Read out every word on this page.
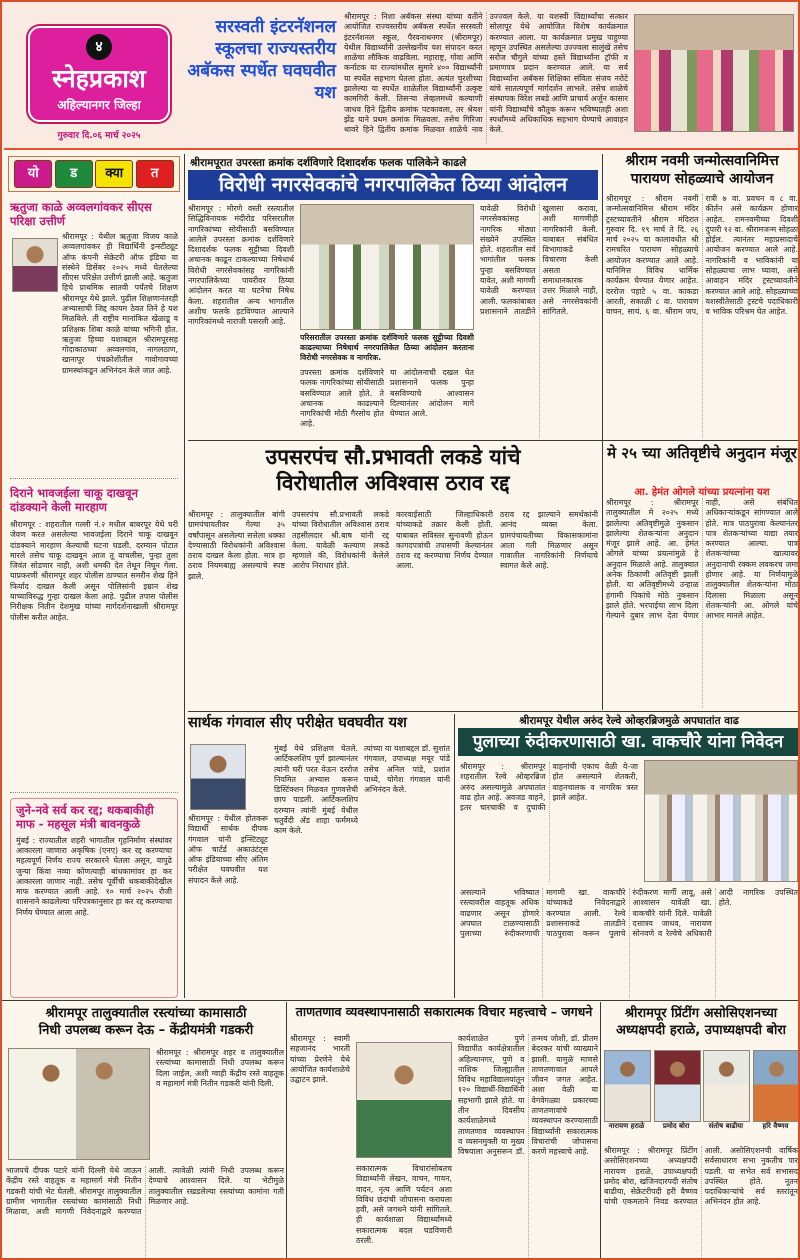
४
स्नेहप्रकाश
अहिल्यानगर जिल्हा
गुरुवार दि.०६ मार्च २०२५
सरस्वती इंटरनॅशनल स्कूलचा राज्यस्तरीय अबॅकस स्पर्धेत घवघवीत यश
श्रीरामपूर : निशा अबॅकस संस्था यांच्या वतीने आयोजित राज्यस्तरीय अबॅकस स्पर्धेत सरस्वती इंटरनॅशनल स्कूल, पैरवनाथनगर (श्रीरामपूर) येथील विद्यार्थ्यांनी उल्लेखनीय यश संपादन करत शाळेचा लौकिक वाढविला. महाराष्ट्र, गोवा आणि कर्नाटक या राज्यांमधील सुमारे ४०० विद्यार्थ्यांनी या स्पर्धेत सहभाग घेतला होता. अत्यंत चुरशीच्या झालेल्या या स्पर्धेत शाळेतील विद्यार्थ्यांनी उत्कृष्ट कामगिरी केली. तिसऱ्या लेव्हलमध्ये कल्याणी जाधव हिने द्वितीय क्रमांक पटकावला, तर श्रेयश झेंड याने प्रथम क्रमांक मिळवला. तसेच गिरिजा थावरे हिने द्वितीय क्रमांक मिळवत शाळेचे नाव उज्ज्वल केले. या यशस्वी विद्यार्थ्यांचा सत्कार सोलापूर येथे आयोजित विशेष कार्यक्रमात करण्यात आला. या कार्यक्रमात प्रमुख पाहुण्या म्हणून उपस्थित असलेल्या उज्ज्वला सालुंखे तसेच सरोज चौगुले यांच्या हस्ते विद्यार्थ्यांना ट्रॉफी व प्रमाणपत्र प्रदान करण्यात आले. या सर्व विद्यार्थ्यांना अबॅकस शिक्षिका संविता संजय नरोटे यांचे सातत्यपूर्ण मार्गदर्शन लाभले. तसेच शाळेचे संस्थापक विरेश लबडे आणि प्राचार्य अर्जुन कासार यांनी विद्यार्थ्यांचे कौतुक करून भविष्यातही अशा स्पर्धांमध्ये अधिकाधिक सहभाग घेण्याचे आवाहन केले.
यो	ड	क्या	त
ऋतुजा काळे अव्वलगांवकर सीएस परिक्षा उत्तीर्ण
श्रीरामपूर : येथील ऋतुजा विजय काळे अव्वलगांवकर ही विद्यार्थिनी इन्स्टीट्यूट ऑफ कंपनी सेक्रेटरी ऑफ इंडिया या संस्थेने डिसेंबर २०२५ मध्ये घेतलेल्या सीएस परिक्षेत उत्तीर्ण झाली आहे. ऋतुजा हिचे प्राथमिक सातवी पर्यंतचे शिक्षण श्रीरामपूर येथे झाले. पुढील शिक्षणानंतरही अभ्यासाची जिद्द कायम ठेवत तिने हे यश मिळविले. ती राष्ट्रीय मानांकित खेळाडू व प्रशिक्षक शिबा काळे यांच्या भगिनी होत. ऋतुजा हिच्या यशाबद्दल श्रीरामपूरसह गोदाकाठच्या अव्वलगांव, नागलठाण, खानापूर पंचक्रोशीतील गावोगावच्या ग्रामस्थांकडून अभिनंदन केले जात आहे.
दिराने भावजईला चाकू दाखवून दांडक्याने केली मारहाण
श्रीरामपूर : शहरातील गल्ली नं.२ मधील बाबरपूर येथे घरी जेवण करत असलेल्या भावजईला दिराने चाकू दाखवून दांडक्याने मारहाण केल्याची घटना घडली. दरम्यान पोटात मारले तसेच चाकू दाखवून आज तू वाचलीस, पुन्हा तुला जिवंत सोडणार नाही, अशी धमकी देत तेथून निघून गेला. याप्रकरणी श्रीरामपूर शहर पोलीस ठाण्यात समरीन शेख हिने फिर्याद दाखल केली असून पोलिसांनी इम्रान शेख याच्याविरुद्ध गुन्हा दाखल केला आहे. पुढील तपास पोलीस निरीक्षक नितीन देशमुख यांच्या मार्गदर्शनाखाली श्रीरामपूर पोलीस करीत आहेत.
जुने-नवे सर्व कर रद्द; थकबाकीही माफ - महसूल मंत्री बावनकुळे
मुंबई : राज्यातील शहरी भागातील गृहनिर्माण संस्थांवर आकारला जाणारा अकृषिक (एनए) कर रद्द करण्याचा महत्वपूर्ण निर्णय राज्य सरकारने घेतला असून, यापुढे जुन्या किंवा नव्या कोणत्याही बांधकामांवर हा कर आकारला जाणार नाही. तसेच पूर्वीची थकबाकीदेखील माफ करण्यात आली आहे. १० मार्च २०२५ रोजी शासनाने काढलेल्या परिपत्रकानुसार हा कर रद्द करण्याचा निर्णय घेण्यात आला आहे.
श्रीरामपूरात उपरस्ता क्रमांक दर्शविणारे दिशादर्शक फलक पालिकेने काढले
विरोधी नगरसेवकांचे नगरपालिकेत ठिय्या आंदोलन
श्रीरामपूर : मोरणे वस्ती रस्त्यातील सिद्धिविनायक मंदीरोड परिसरातील नागरिकांच्या सोयीसाठी बसविण्यात आलेले उपरस्ता क्रमांक दर्शविणारे दिशादर्शक फलक सुट्टीच्या दिवशी अचानक काढून टाकल्याच्या निषेधार्थ विरोधी नगरसेवकांसह नागरिकांनी नगरपालिकेच्या पायरीवर ठिय्या आंदोलन करत या घटनेचा निषेध केला. शहरातील अन्य भागातील अशीच फलके हटविण्यात आल्याने नागरिकांमध्ये नाराजी पसरली आहे.
परिसरातील उपरस्ता क्रमांक दर्शविणारे फलक सुट्टीच्या दिवशी काढल्याच्या निषेधार्थ नगरपालिकेत ठिय्या आंदोलन करताना विरोधी नगरसेवक व नागरिक.
उपरस्ता क्रमांक दर्शविणारे फलक नागरिकांच्या सोयीसाठी बसविण्यात आले होते. ते अचानक काढल्याने नागरिकांची मोठी गैरसोय होत आहे.
या आंदोलनाची दखल घेत प्रशासनाने फलक पुन्हा बसविण्याचे आश्वासन दिल्यानंतर आंदोलन मागे घेण्यात आले.
यावेळी विरोधी नगरसेवकांसह नागरिक मोठ्या संख्येने उपस्थित होते. शहरातील सर्व भागांतील फलक पुन्हा बसविण्यात यावेत, अशी मागणी यावेळी करण्यात आली. फलकांबाबत प्रशासनाने तातडीने खुलासा करावा, अशी मागणीही नागरिकांनी केली. याबाबत संबंधित विभागाकडे विचारणा केली असता समाधानकारक उत्तर मिळाले नाही, असे नगरसेवकांनी सांगितले.
श्रीराम नवमी जन्मोत्सवानिमित्त पारायण सोहळ्याचे आयोजन
श्रीरामपूर : श्रीराम नवमी जन्मोत्सवानिमित्त श्रीराम मंदिर ट्रस्टच्यावतीने श्रीराम मंदिरात गुरुवार दि. १९ मार्च ते दि. २६ मार्च २०२५ या कालावधीत श्री रामचरित पारायण सोहळ्याचे आयोजन करण्यात आले आहे. यानिमित्त विविध धार्मिक कार्यक्रम घेण्यात येणार आहेत. दररोज पहाटे ५ वा. काकडा आरती, सकाळी ८ वा. पारायण वाचन, सायं. ६ वा. श्रीराम जप, रात्री ७ वा. प्रवचन व ८ वा. कीर्तन असे कार्यक्रम होणार आहेत. रामनवमीच्या दिवशी दुपारी १२ वा. श्रीरामजन्म सोहळा होईल. त्यानंतर महाप्रसादाचे आयोजन करण्यात आले आहे. नागरिकांनी व भाविकांनी या सोहळ्याचा लाभ घ्यावा, असे आवाहन मंदिर ट्रस्टच्यावतीने करण्यात आले आहे. सोहळ्याच्या यशस्वीतेसाठी ट्रस्टचे पदाधिकारी व भाविक परिश्रम घेत आहेत.
उपसरपंच सौ.प्रभावती लकडे यांचे
विरोधातील अविश्वास ठराव रद्द
श्रीरामपूर : तालुक्यातील बांगी ग्रामपंचायतीवर गेल्या ३५ वर्षांपासून असलेल्या सत्तेला धक्का देण्यासाठी विरोधकांनी अविश्वास ठराव दाखल केला होता. मात्र हा ठराव नियमबाह्य असल्याचे स्पष्ट झाले.
उपसरपंच सौ.प्रभावती लकडे यांच्या विरोधातील अविश्वास ठराव तहसीलदार श्री.बाष यांनी रद्द केला. यावेळी कल्याण लकडे म्हणाले की, विरोधकांनी केलेले आरोप निराधार होते.
कारवाईसाठी जिल्हाधिकारी यांच्याकडे तक्रार केली होती. याबाबत सविस्तर सुनावणी होऊन कागदपत्रांची तपासणी केल्यानंतर ठराव रद्द करण्याचा निर्णय देण्यात आला.
ठराव रद्द झाल्याने समर्थकांनी आनंद व्यक्त केला. ग्रामपंचायतीच्या विकासकामांना आता गती मिळणार असून गावातील नागरिकांनी निर्णयाचे स्वागत केले आहे.
मे २५ च्या अतिवृष्टीचे अनुदान मंजूर
आ. हेमंत ओगले यांच्या प्रयत्नांना यश
श्रीरामपूर : श्रीरामपूर तालुक्यातील मे २०२५ मध्ये झालेल्या अतिवृष्टीमुळे नुकसान झालेल्या शेतकऱ्यांना अनुदान मंजूर झाले आहे. आ. हेमंत ओगले यांच्या प्रयत्नांमुळे हे अनुदान मिळाले आहे. तालुक्यात अनेक ठिकाणी अतिवृष्टी झाली होती. या अतिवृष्टीमध्ये उन्हाळ हंगामी पिकांचे मोठे नुकसान झाले होते. भरपाईचा लाभ दिला गेल्याने दुबार लाभ देता येणार नाही, असे संबंधित अधिकाऱ्यांकडून सांगण्यात आले होते. मात्र पाठपुरावा केल्यानंतर पात्र शेतकऱ्यांच्या याद्या तयार करण्यात आल्या. पात्र शेतकऱ्यांच्या खात्यावर अनुदानाची रक्कम लवकरच जमा होणार आहे. या निर्णयामुळे तालुक्यातील शेतकऱ्यांना मोठा दिलासा मिळाला असून शेतकऱ्यांनी आ. ओगले यांचे आभार मानले आहेत.
सार्थक गंगवाल सीए परीक्षेत घवघवीत यश
श्रीरामपूर : येथील होतकरू विद्यार्थी सार्थक दीपक गंगवाल यांनी इन्स्टिट्यूट ऑफ चार्टर्ड अकाउंटंट्स ऑफ इंडियाच्या सीए अंतिम परीक्षेत घवघवीत यश संपादन केले आहे.
मुंबई येथे प्रशिक्षण घेतले. आर्टिकलशिप पूर्ण झाल्यानंतर त्यांनी घरी परत येऊन दररोज नियमित अभ्यास करून डिस्टिंक्शन मिळवत गुणवत्तेची छाप पाडली. आर्टिकलशिप दरम्यान त्यांनी मुंबई येथील चतुर्वेदी अँड शाहा फर्ममध्ये काम केले.
त्यांच्या या यशाबद्दल डॉ. सुशांत गंगवाल, उपाध्यक्ष मयूर पांडे तसेच अनिल पांडे, प्रशांत पाध्ये, योगेश गंगवाल यांनी अभिनंदन केले.
श्रीरामपूर येथील अरुंद रेल्वे ओव्हरब्रिजमुळे अपघातांत वाढ
पुलाच्या रुंदीकरणासाठी खा. वाकचौरे यांना निवेदन
श्रीरामपूर : श्रीरामपूर शहरातील रेल्वे ओव्हरब्रिज अरुंद असल्यामुळे अपघातांत वाढ होत आहे. अवजड वाहने, इतर चारचाकी व दुचाकी वाहनांची एकाच वेळी ये-जा होत असल्याने शेतकरी, वाहनचालक व नागरिक त्रस्त झाले आहेत.
असल्याने भविष्यात रस्त्यावरील वाहतूक अधिक वाढणार असून होणारे अपघात टाळण्यासाठी पुलाच्या रुंदीकरणाची मागणी खा. वाकचौरे यांच्याकडे निवेदनाद्वारे करण्यात आली. रेल्वे प्रशासनाकडे तातडीने पाठपुरावा करून पुलाचे रुंदीकरण मार्गी लावू, असे आश्वासन यावेळी खा. वाकचौरे यांनी दिले. यावेळी दत्तात्रय जाधव, नारायण सोनवणे व रेल्वेचे अधिकारी आदी नागरिक उपस्थित होते.
श्रीरामपूर तालुक्यातील रस्त्यांच्या कामासाठी
निधी उपलब्ध करून देऊ – केंद्रीयमंत्री गडकरी
श्रीरामपूर : श्रीरामपूर शहर व तालुक्यातील रस्त्यांच्या कामासाठी निधी उपलब्ध करून दिला जाईल, अशी ग्वाही केंद्रीय रस्ते वाहतूक व महामार्ग मंत्री नितीन गडकरी यांनी दिली.
भाजपचे दीपक पटारे यांनी दिल्ली येथे जाऊन केंद्रीय रस्ते वाहतूक व महामार्ग मंत्री नितीन गडकरी यांची भेट घेतली. श्रीरामपूर तालुक्यातील ग्रामीण भागातील रस्त्यांच्या कामांसाठी निधी मिळावा, अशी मागणी निवेदनाद्वारे करण्यात आली. त्यावेळी त्यांनी निधी उपलब्ध करून देण्याचे आश्वासन दिले. या भेटीमुळे तालुक्यातील रखडलेल्या रस्त्यांच्या कामांना गती मिळणार आहे.
ताणतणाव व्यवस्थापनासाठी सकारात्मक विचार महत्त्वाचे – जगधने
श्रीरामपूर : स्वामी सहजानंद भारती यांच्या प्रेरणेने येथे आयोजित कार्यशाळेचे उद्घाटन झाले.
सकारात्मक विचारांसोबतच विद्यार्थ्यांनी लेखन, वाचन, गायन, वादन, नृत्य आणि पर्यटन अशा विविध छंदांची जोपासना करायला हवी, असे जगधने यांनी सांगितले. ही कार्यशाळा विद्यार्थ्यांमध्ये सकारात्मक बदल घडविणारी ठरली.
कार्यशाळेत पुणे विद्यापीठ कार्यक्षेत्रातील अहिल्यानगर, पुणे व नाशिक जिल्ह्यातील विविध महाविद्यालयांतून १२० विद्यार्थी-विद्यार्थिनी सहभागी झाले होते. या तीन दिवसीय कार्यशाळेमध्ये ताणतणाव व्यवस्थापन व व्यसनमुक्ती या मुख्य विषयाला अनुसरून डॉ. तन्मय जोशी, डॉ. प्रीतम बेदरकर यांची व्याख्याने झाली. यामुळे माणसे ताणतणावात आपले जीवन जगत आहेत. अशा वेळी या वेगवेगळ्या प्रकारच्या ताणतणावांचे व्यवस्थापन करण्यासाठी विद्यार्थ्यांनी सकारात्मक विचारांची जोपासना करणे महत्त्वाचे आहे.
श्रीरामपूर प्रिंटींग असोसिएशनच्या
अध्यक्षपदी हराळे, उपाध्यक्षपदी बोरा
नारायण हराळे	प्रमोद बोरा	संतोष बाढीया	हरि वैष्णव
श्रीरामपूर : श्रीरामपूर प्रिंटींग असोसिएशनच्या अध्यक्षपदी नारायण हराळे, उपाध्यक्षपदी प्रमोद बोरा, खजिनदारपदी संतोष बाढीया, सेक्रेटरीपदी हरी वैष्णव यांची एकमताने निवड करण्यात आली. असोसिएशनची वार्षिक सर्वसाधारण सभा नुकतीच पार पडली. या सभेत सर्व सभासद उपस्थित होते. नूतन पदाधिकाऱ्यांचे सर्व स्तरांतून अभिनंदन होत आहे.
